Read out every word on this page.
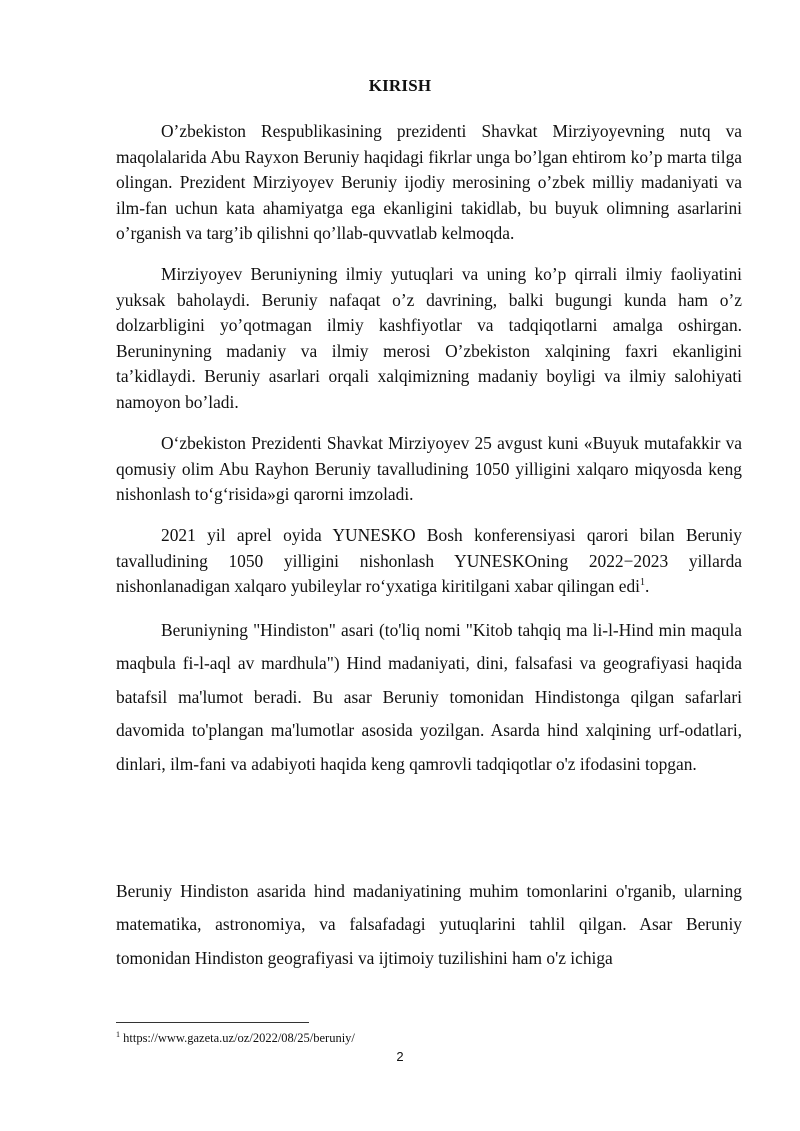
KIRISH

O’zbekiston Respublikasining prezidenti Shavkat Mirziyoyevning nutq va maqolalarida Abu Rayxon Beruniy haqidagi fikrlar unga bo’lgan ehtirom ko’p marta tilga olingan. Prezident Mirziyoyev Beruniy ijodiy merosining o’zbek milliy madaniyati va ilm-fan uchun kata ahamiyatga ega ekanligini takidlab, bu buyuk olimning asarlarini o’rganish va targ’ib qilishni qo’llab-quvvatlab kelmoqda.

Mirziyoyev Beruniyning ilmiy yutuqlari va uning ko’p qirrali ilmiy faoliyatini yuksak baholaydi. Beruniy nafaqat o’z davrining, balki bugungi kunda ham o’z dolzarbligini yo’qotmagan ilmiy kashfiyotlar va tadqiqotlarni amalga oshirgan. Beruninyning madaniy va ilmiy merosi O’zbekiston xalqining faxri ekanligini ta’kidlaydi. Beruniy asarlari orqali xalqimizning madaniy boyligi va ilmiy salohiyati namoyon bo’ladi.

O‘zbekiston Prezidenti Shavkat Mirziyoyev 25 avgust kuni «Buyuk mutafakkir va qomusiy olim Abu Rayhon Beruniy tavalludining 1050 yilligini xalqaro miqyosda keng nishonlash to‘g‘risida»gi qarorni imzoladi.

2021 yil aprel oyida YUNESKO Bosh konferensiyasi qarori bilan Beruniy tavalludining 1050 yilligini nishonlash YUNESKOning 2022−2023 yillarda nishonlanadigan xalqaro yubileylar ro‘yxatiga kiritilgani xabar qilingan edi$^1$.

Beruniyning "Hindiston" asari (to'liq nomi "Kitob tahqiq ma li-l-Hind min maqula maqbula fi-l-aql av mardhula") Hind madaniyati, dini, falsafasi va geografiyasi haqida batafsil ma'lumot beradi. Bu asar Beruniy tomonidan Hindistonga qilgan safarlari davomida to'plangan ma'lumotlar asosida yozilgan. Asarda hind xalqining urf-odatlari, dinlari, ilm-fani va adabiyoti haqida keng qamrovli tadqiqotlar o'z ifodasini topgan.

Beruniy Hindiston asarida hind madaniyatining muhim tomonlarini o'rganib, ularning matematika, astronomiya, va falsafadagi yutuqlarini tahlil qilgan. Asar Beruniy tomonidan Hindiston geografiyasi va ijtimoiy tuzilishini ham o'z ichiga

$^1$ https://www.gazeta.uz/oz/2022/08/25/beruniy/
2
